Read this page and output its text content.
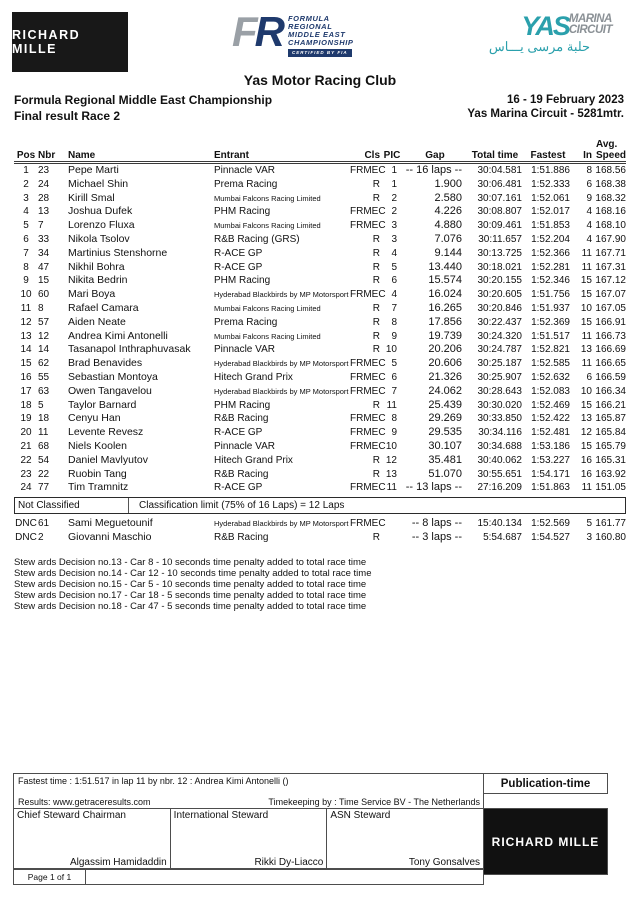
RICHARD MILLE	F R FORMULA
REGIONAL
MIDDLE EAST
CHAMPIONSHIP
CERTIFIED BY FIA
YAS MARINA
CIRCUIT
حلبة مرسى يـــاس
Yas Motor Racing Club
Formula Regional Middle East Championship
Final result Race 2
16 - 19 February 2023
Yas Marina Circuit - 5281mtr.
Pos	Nbr	Name	Entrant	Cls	PIC	Gap	Total time	Fastest	In	Avg.
Speed
1	23	Pepe Marti	Pinnacle VAR	FRMEC	1	-- 16 laps --	30:04.581	1:51.886	8	168.56
2	24	Michael Shin	Prema Racing	R	1	1.900	30:06.481	1:52.333	6	168.38
3	28	Kirill Smal	Mumbai Falcons Racing Limited	R	2	2.580	30:07.161	1:52.061	9	168.32
4	13	Joshua Dufek	PHM Racing	FRMEC	2	4.226	30:08.807	1:52.017	4	168.16
5	7	Lorenzo Fluxa	Mumbai Falcons Racing Limited	FRMEC	3	4.880	30:09.461	1:51.853	4	168.10
6	33	Nikola Tsolov	R&B Racing (GRS)	R	3	7.076	30:11.657	1:52.204	4	167.90
7	34	Martinius Stenshorne	R-ACE GP	R	4	9.144	30:13.725	1:52.366	11	167.71
8	47	Nikhil Bohra	R-ACE GP	R	5	13.440	30:18.021	1:52.281	11	167.31
9	15	Nikita Bedrin	PHM Racing	R	6	15.574	30:20.155	1:52.346	15	167.12
10	60	Mari Boya	Hyderabad Blackbirds by MP Motorsport	FRMEC	4	16.024	30:20.605	1:51.756	15	167.07
11	8	Rafael Camara	Mumbai Falcons Racing Limited	R	7	16.265	30:20.846	1:51.937	10	167.05
12	57	Aiden Neate	Prema Racing	R	8	17.856	30:22.437	1:52.369	15	166.91
13	12	Andrea Kimi Antonelli	Mumbai Falcons Racing Limited	R	9	19.739	30:24.320	1:51.517	11	166.73
14	14	Tasanapol Inthraphuvasak	Pinnacle VAR	R	10	20.206	30:24.787	1:52.821	13	166.69
15	62	Brad Benavides	Hyderabad Blackbirds by MP Motorsport	FRMEC	5	20.606	30:25.187	1:52.585	11	166.65
16	55	Sebastian Montoya	Hitech Grand Prix	FRMEC	6	21.326	30:25.907	1:52.632	6	166.59
17	63	Owen Tangavelou	Hyderabad Blackbirds by MP Motorsport	FRMEC	7	24.062	30:28.643	1:52.083	10	166.34
18	5	Taylor Barnard	PHM Racing	R	11	25.439	30:30.020	1:52.469	15	166.21
19	18	Cenyu Han	R&B Racing	FRMEC	8	29.269	30:33.850	1:52.422	13	165.87
20	11	Levente Revesz	R-ACE GP	FRMEC	9	29.535	30:34.116	1:52.481	12	165.84
21	68	Niels Koolen	Pinnacle VAR	FRMEC	10	30.107	30:34.688	1:53.186	15	165.79
22	54	Daniel Mavlyutov	Hitech Grand Prix	R	12	35.481	30:40.062	1:53.227	16	165.31
23	22	Ruobin Tang	R&B Racing	R	13	51.070	30:55.651	1:54.171	16	163.92
24	77	Tim Tramnitz	R-ACE GP	FRMEC	11	-- 13 laps --	27:16.209	1:51.863	11	151.05
Not Classified	Classification limit (75% of 16 Laps) = 12 Laps
DNC	61	Sami Meguetounif	Hyderabad Blackbirds by MP Motorsport	FRMEC		-- 8 laps --	15:40.134	1:52.569	5	161.77
DNC	2	Giovanni Maschio	R&B Racing	R		-- 3 laps --	5:54.687	1:54.527	3	160.80
Stew ards Decision no.13 - Car 8 - 10 seconds time penalty added to total race time
Stew ards Decision no.14 - Car 12 - 10 seconds time penalty added to total race time
Stew ards Decision no.15 - Car 5 - 10 seconds time penalty added to total race time
Stew ards Decision no.17 - Car 18 - 5 seconds time penalty added to total race time
Stew ards Decision no.18 - Car 47 - 5 seconds time penalty added to total race time
Fastest time : 1:51.517 in lap 11 by nbr. 12 : Andrea Kimi Antonelli ()
Results: www.getraceresults.com	Timekeeping by : Time Service BV - The Netherlands
Publication-time
Chief Steward Chairman
Algassim Hamidaddin
International Steward
Rikki Dy-Liacco
ASN Steward
Tony Gonsalves
RICHARD MILLE
Page 1 of 1
